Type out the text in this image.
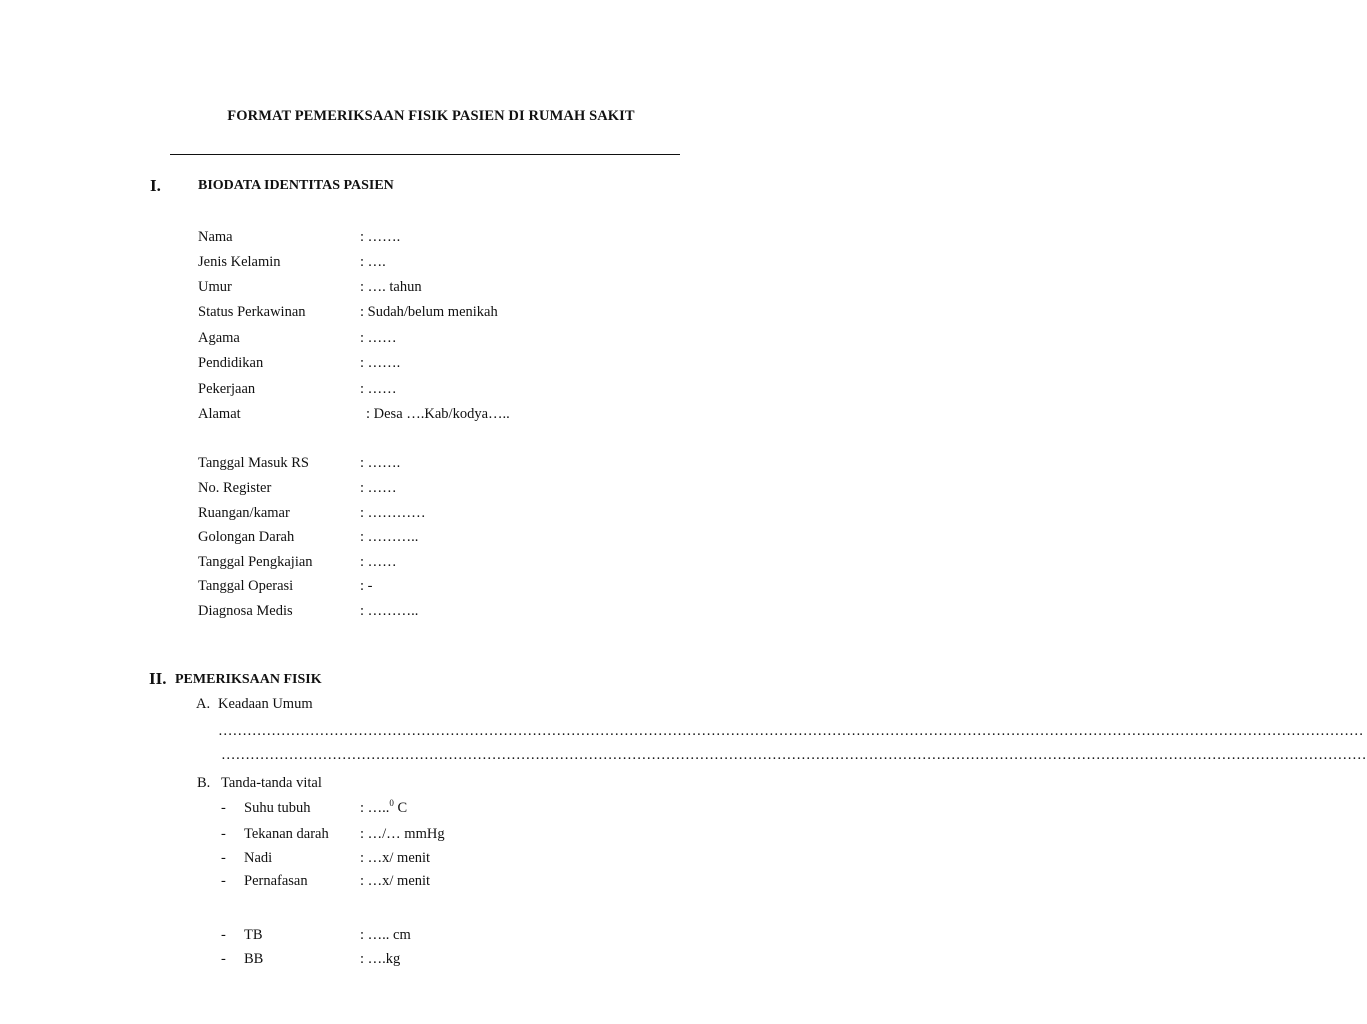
FORMAT PEMERIKSAAN FISIK PASIEN DI RUMAH SAKIT
I.	BIODATA IDENTITAS PASIEN
Nama	: …….
Jenis Kelamin	: ….
Umur	: …. tahun
Status Perkawinan	: Sudah/belum menikah
Agama	: ……
Pendidikan	: …….
Pekerjaan	: ……
Alamat	: Desa ….Kab/kodya…..
Tanggal Masuk RS	: …….
No. Register	: ……
Ruangan/kamar	: …………
Golongan Darah	: ………..
Tanggal Pengkajian	: ……
Tanggal Operasi	: -
Diagnosa Medis	: ………..
II. PEMERIKSAAN FISIK
A. Keadaan Umum
…………………………………………………………………………………………………………………………………………………………………………………………………………………
…………………………………………………………………………………………………………………………………………………………………………………………………………………
B. Tanda-tanda vital
- Suhu tubuh	: …..$^0$ C
- Tekanan darah : …/… mmHg
- Nadi	: …x/ menit
- Pernafasan	: …x/ menit
- TB	: ….. cm
- BB	: ….kg
